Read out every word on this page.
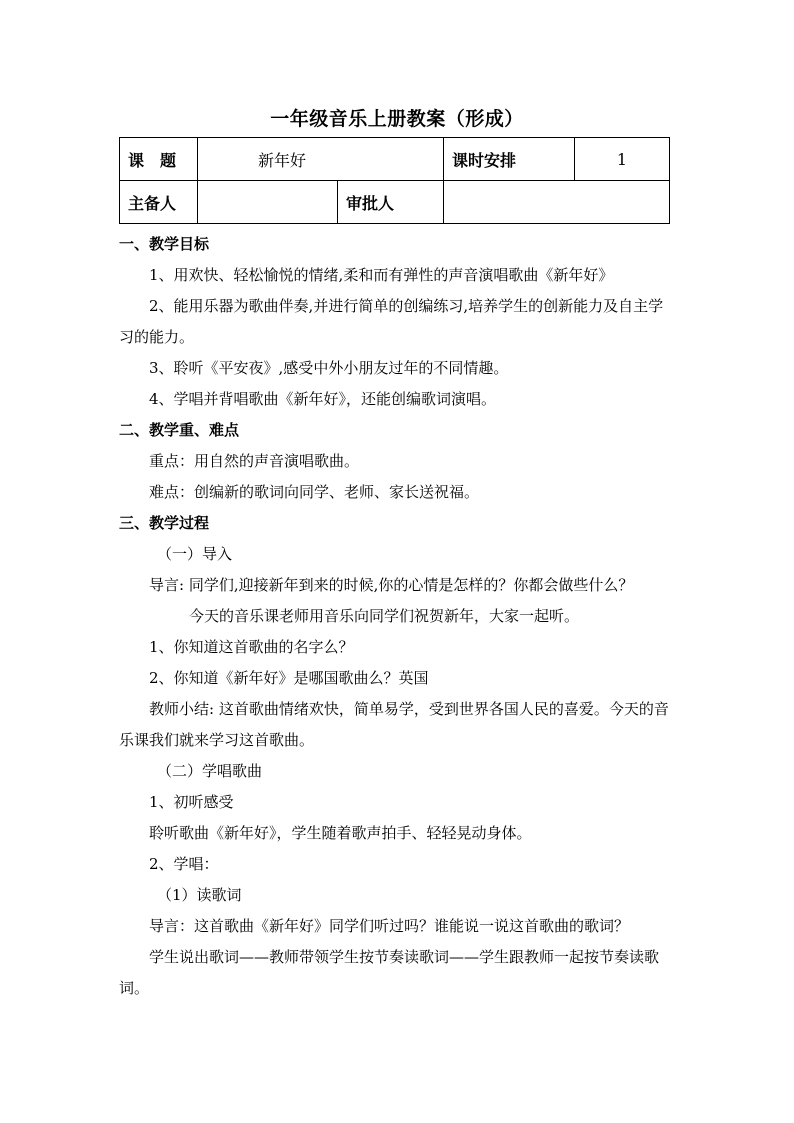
一年级音乐上册教案（形成）
课　题	新年好		课时安排	1
主备人		审批人		

一、教学目标

1、用欢快、轻松愉悦的情绪,柔和而有弹性的声音演唱歌曲《新年好》

2、能用乐器为歌曲伴奏,并进行简单的创编练习,培养学生的创新能力及自主学习的能力。

3、聆听《平安夜》,感受中外小朋友过年的不同情趣。

4、学唱并背唱歌曲《新年好》，还能创编歌词演唱。

二、教学重、难点

重点：用自然的声音演唱歌曲。

难点：创编新的歌词向同学、老师、家长送祝福。

三、教学过程

（一）导入

导言: 同学们,迎接新年到来的时候,你的心情是怎样的？你都会做些什么？

今天的音乐课老师用音乐向同学们祝贺新年，大家一起听。

1、你知道这首歌曲的名字么？

2、你知道《新年好》是哪国歌曲么？英国

教师小结: 这首歌曲情绪欢快，简单易学，受到世界各国人民的喜爱。今天的音乐课我们就来学习这首歌曲。

（二）学唱歌曲

1、初听感受

聆听歌曲《新年好》，学生随着歌声拍手、轻轻晃动身体。

2、学唱：

（1）读歌词

导言：这首歌曲《新年好》同学们听过吗？谁能说一说这首歌曲的歌词？

学生说出歌词——教师带领学生按节奏读歌词——学生跟教师一起按节奏读歌词。
